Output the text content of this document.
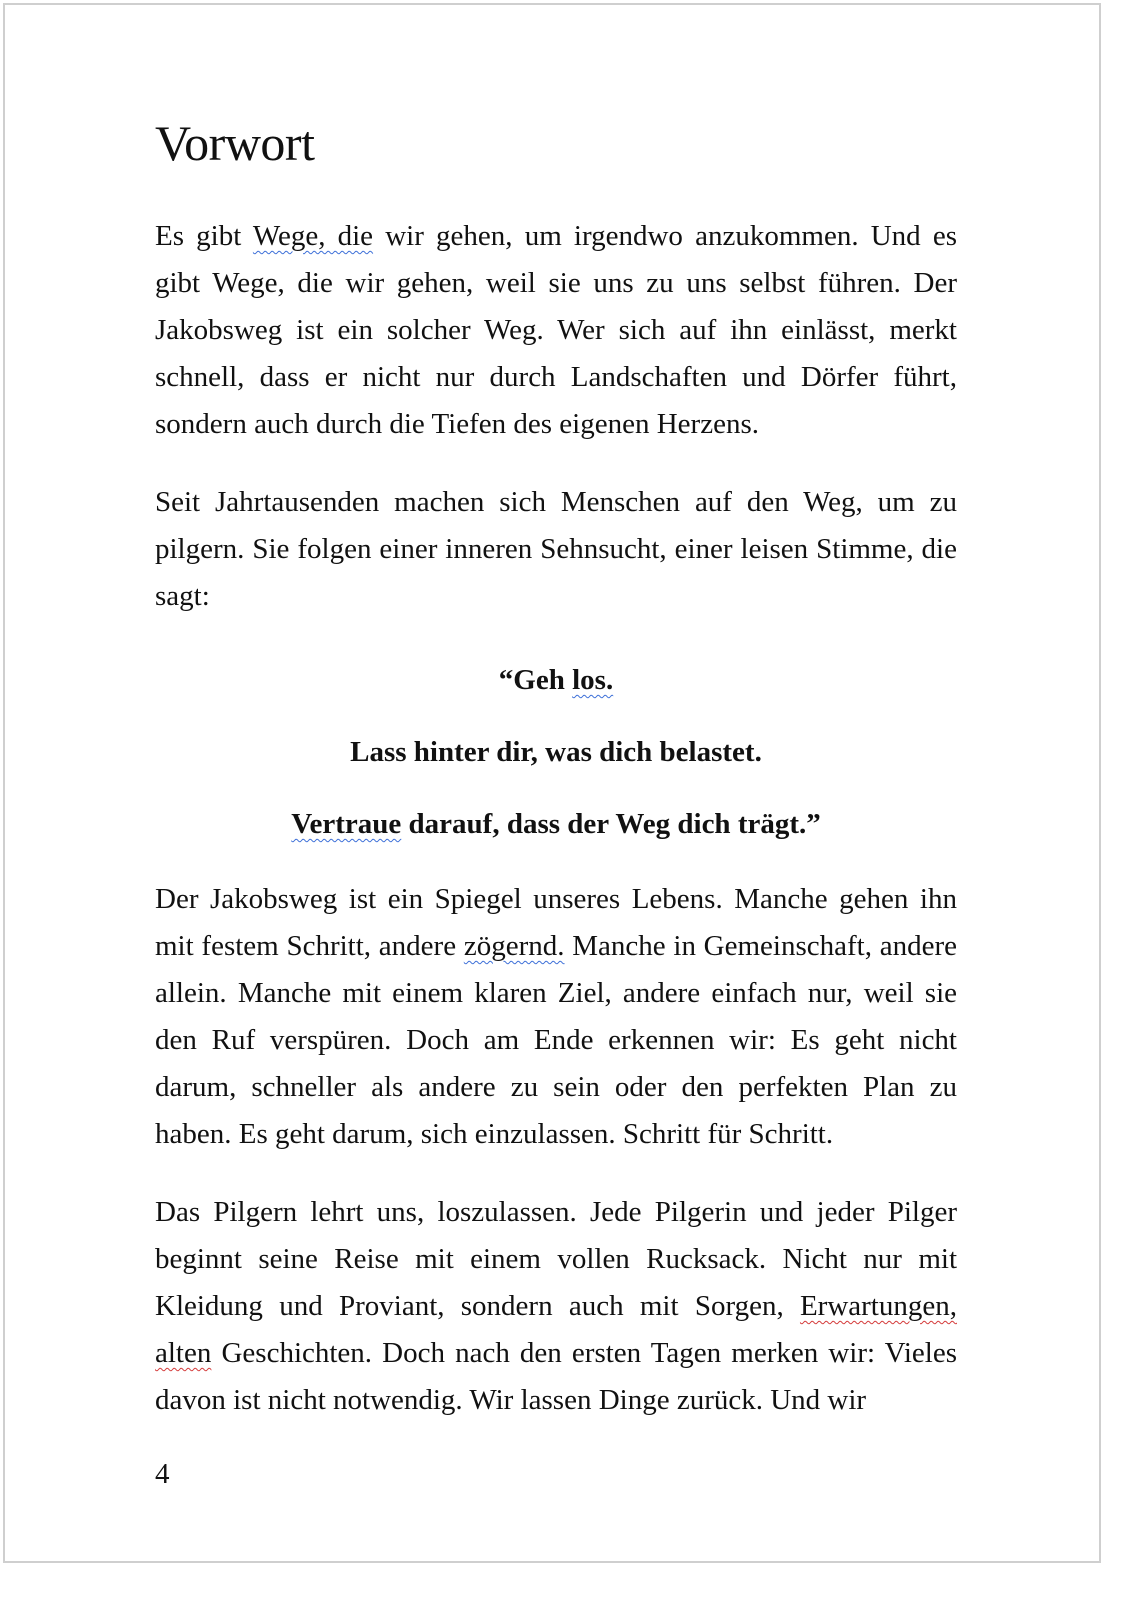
Vorwort

Es gibt Wege, die wir gehen, um irgendwo anzukommen. Und es gibt Wege, die wir gehen, weil sie uns zu uns selbst führen. Der Jakobsweg ist ein solcher Weg. Wer sich auf ihn einlässt, merkt schnell, dass er nicht nur durch Landschaften und Dörfer führt, sondern auch durch die Tiefen des eigenen Herzens.

Seit Jahrtausenden machen sich Menschen auf den Weg, um zu pilgern. Sie folgen einer inneren Sehnsucht, einer leisen Stimme, die sagt:

“Geh los.

Lass hinter dir, was dich belastet.

Vertraue darauf, dass der Weg dich trägt.”

Der Jakobsweg ist ein Spiegel unseres Lebens. Manche gehen ihn mit festem Schritt, andere zögernd. Manche in Gemeinschaft, andere allein. Manche mit einem klaren Ziel, andere einfach nur, weil sie den Ruf verspüren. Doch am Ende erkennen wir: Es geht nicht darum, schneller als andere zu sein oder den perfekten Plan zu haben. Es geht darum, sich einzulassen. Schritt für Schritt.

Das Pilgern lehrt uns, loszulassen. Jede Pilgerin und jeder Pilger beginnt seine Reise mit einem vollen Rucksack. Nicht nur mit Kleidung und Proviant, sondern auch mit Sorgen, Erwartungen, alten Geschichten. Doch nach den ersten Tagen merken wir: Vieles davon ist nicht notwendig. Wir lassen Dinge zurück. Und wir

4
